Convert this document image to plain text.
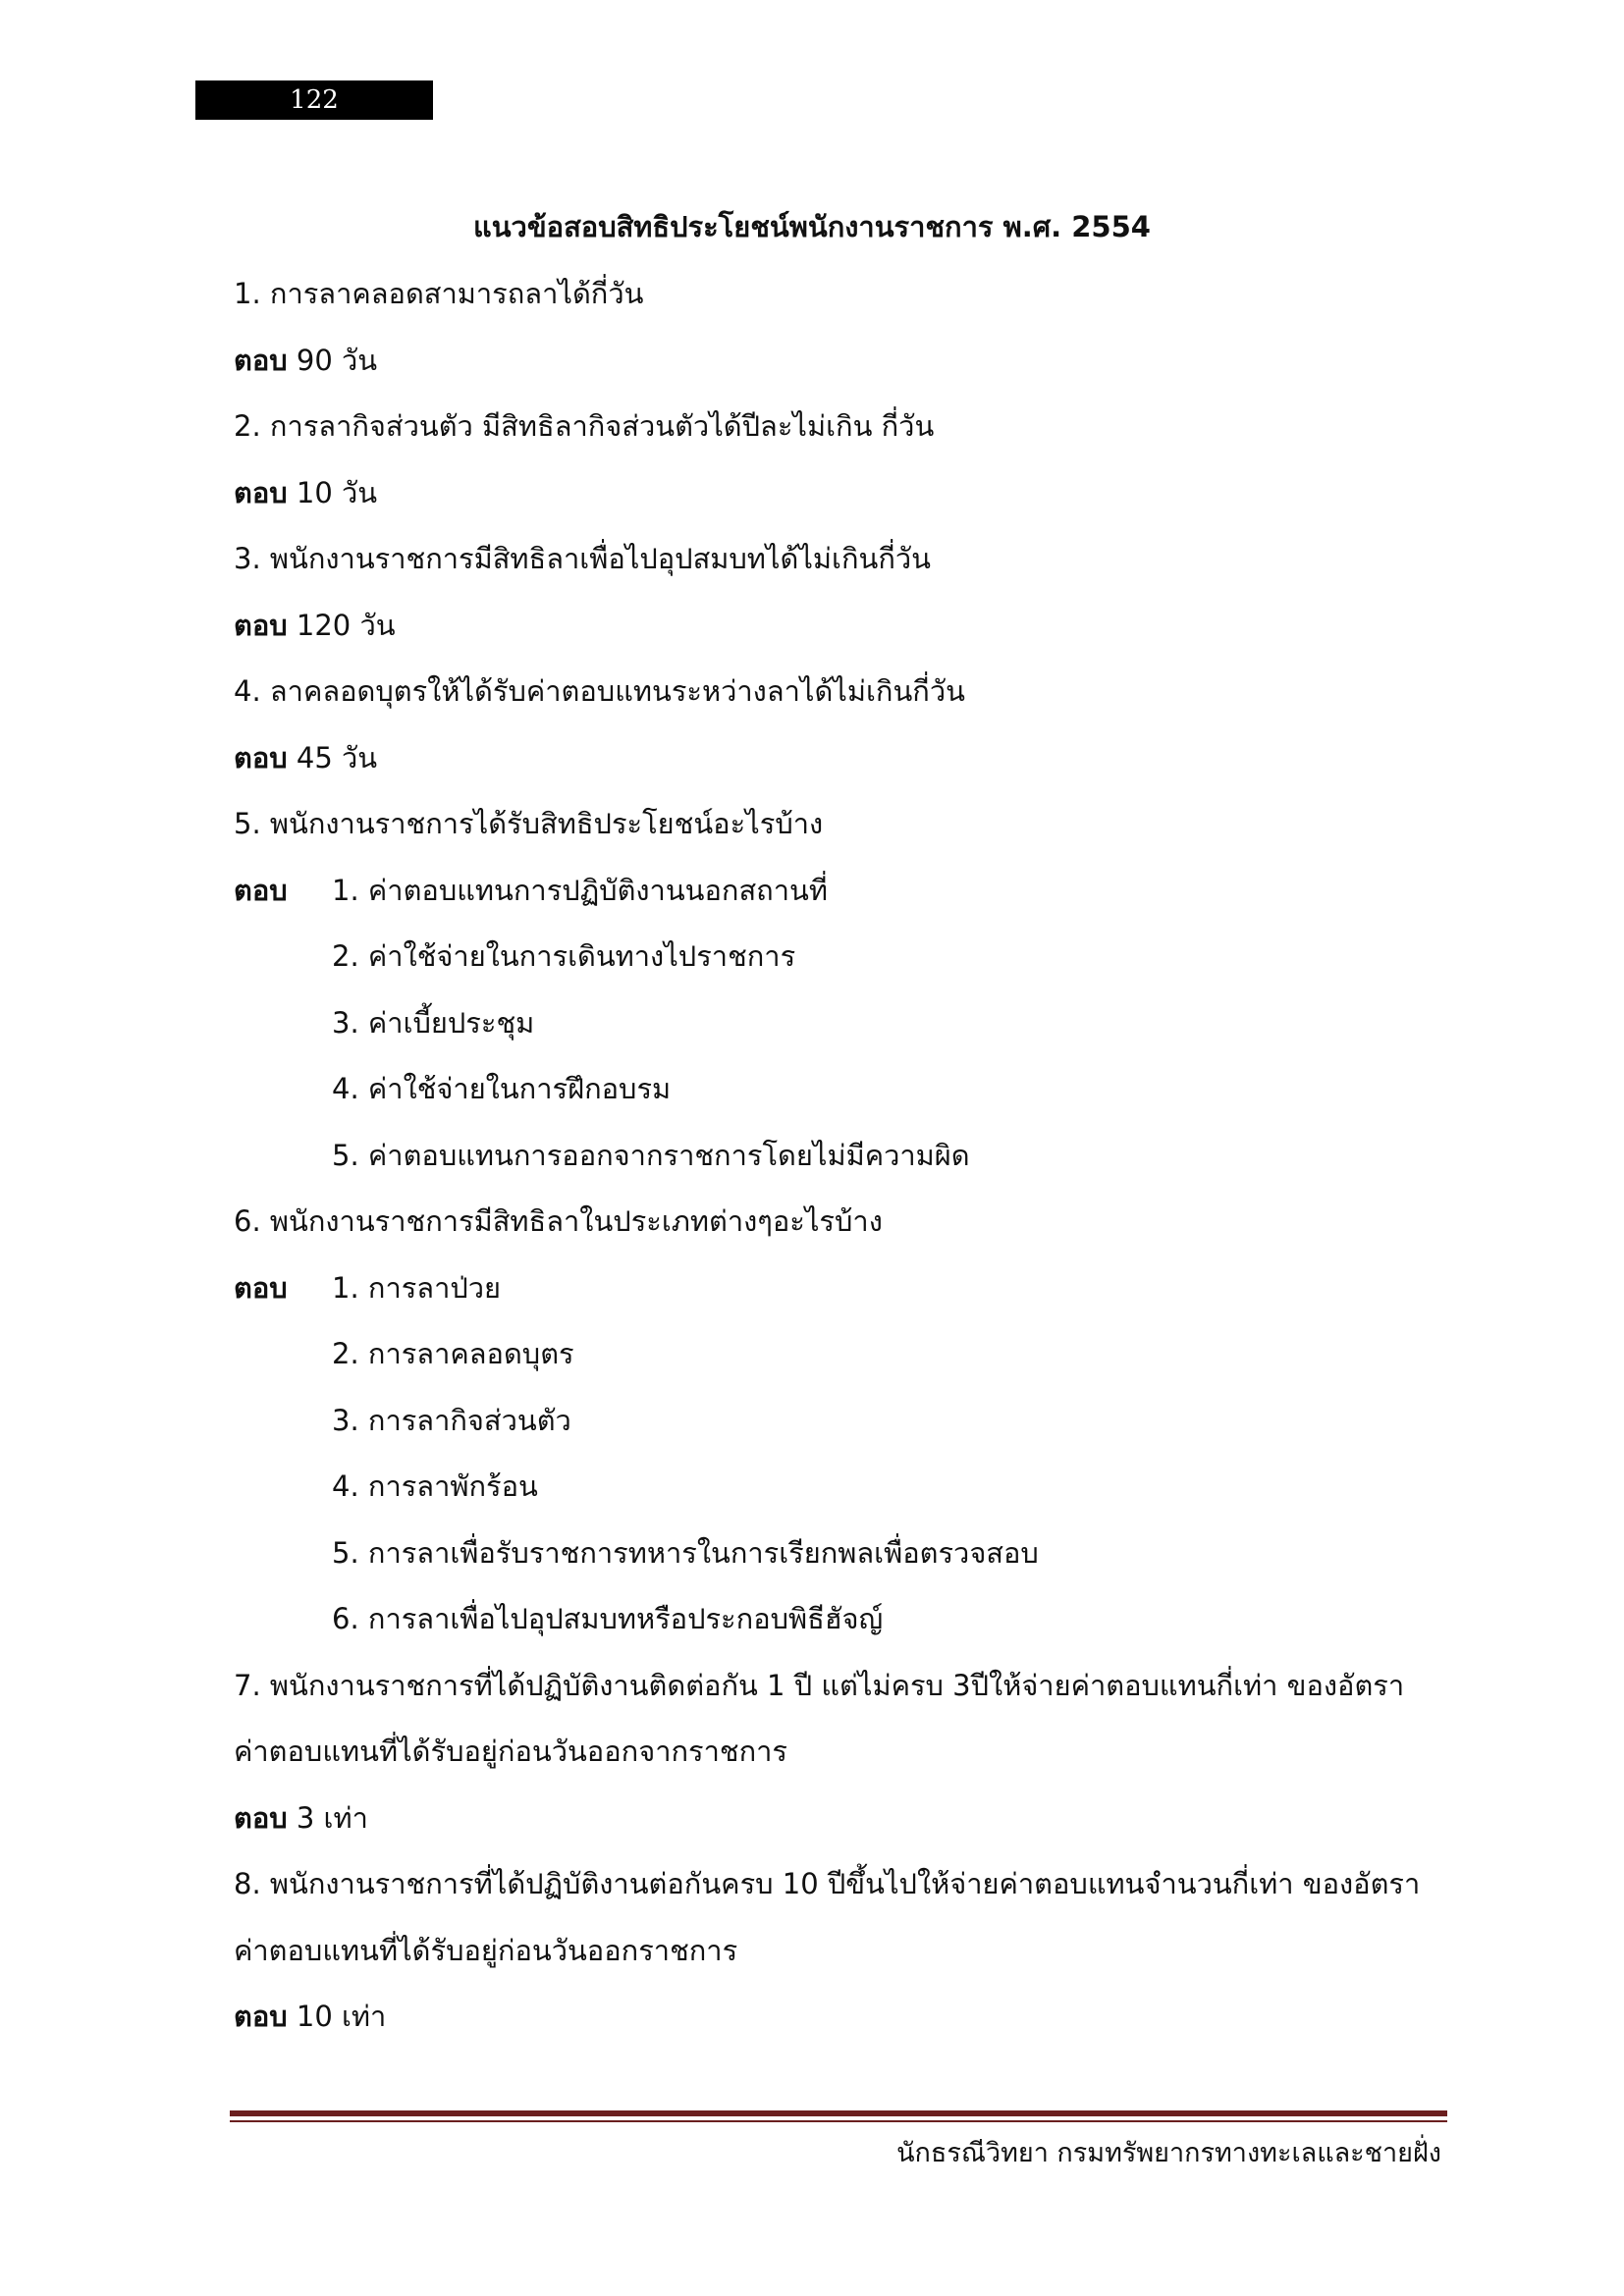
122
แนวข้อสอบสิทธิประโยชน์พนักงานราชการ พ.ศ. 2554
1. การลาคลอดสามารถลาได้กี่วัน
ตอบ 90 วัน
2. การลากิจส่วนตัว มีสิทธิลากิจส่วนตัวได้ปีละไม่เกิน กี่วัน
ตอบ 10 วัน
3. พนักงานราชการมีสิทธิลาเพื่อไปอุปสมบทได้ไม่เกินกี่วัน
ตอบ 120 วัน
4. ลาคลอดบุตรให้ได้รับค่าตอบแทนระหว่างลาได้ไม่เกินกี่วัน
ตอบ 45 วัน
5. พนักงานราชการได้รับสิทธิประโยชน์อะไรบ้าง
ตอบ 1. ค่าตอบแทนการปฏิบัติงานนอกสถานที่
2. ค่าใช้จ่ายในการเดินทางไปราชการ
3. ค่าเบี้ยประชุม
4. ค่าใช้จ่ายในการฝึกอบรม
5. ค่าตอบแทนการออกจากราชการโดยไม่มีความผิด
6. พนักงานราชการมีสิทธิลาในประเภทต่างๆอะไรบ้าง
ตอบ 1. การลาป่วย
2. การลาคลอดบุตร
3. การลากิจส่วนตัว
4. การลาพักร้อน
5. การลาเพื่อรับราชการทหารในการเรียกพลเพื่อตรวจสอบ
6. การลาเพื่อไปอุปสมบทหรือประกอบพิธีฮัจญ์
7. พนักงานราชการที่ได้ปฏิบัติงานติดต่อกัน 1 ปี แต่ไม่ครบ 3ปีให้จ่ายค่าตอบแทนกี่เท่า ของอัตรา
ค่าตอบแทนที่ได้รับอยู่ก่อนวันออกจากราชการ
ตอบ 3 เท่า
8. พนักงานราชการที่ได้ปฏิบัติงานต่อกันครบ 10 ปีขึ้นไปให้จ่ายค่าตอบแทนจำนวนกี่เท่า ของอัตรา
ค่าตอบแทนที่ได้รับอยู่ก่อนวันออกราชการ
ตอบ 10 เท่า
นักธรณีวิทยา กรมทรัพยากรทางทะเลและชายฝั่ง
